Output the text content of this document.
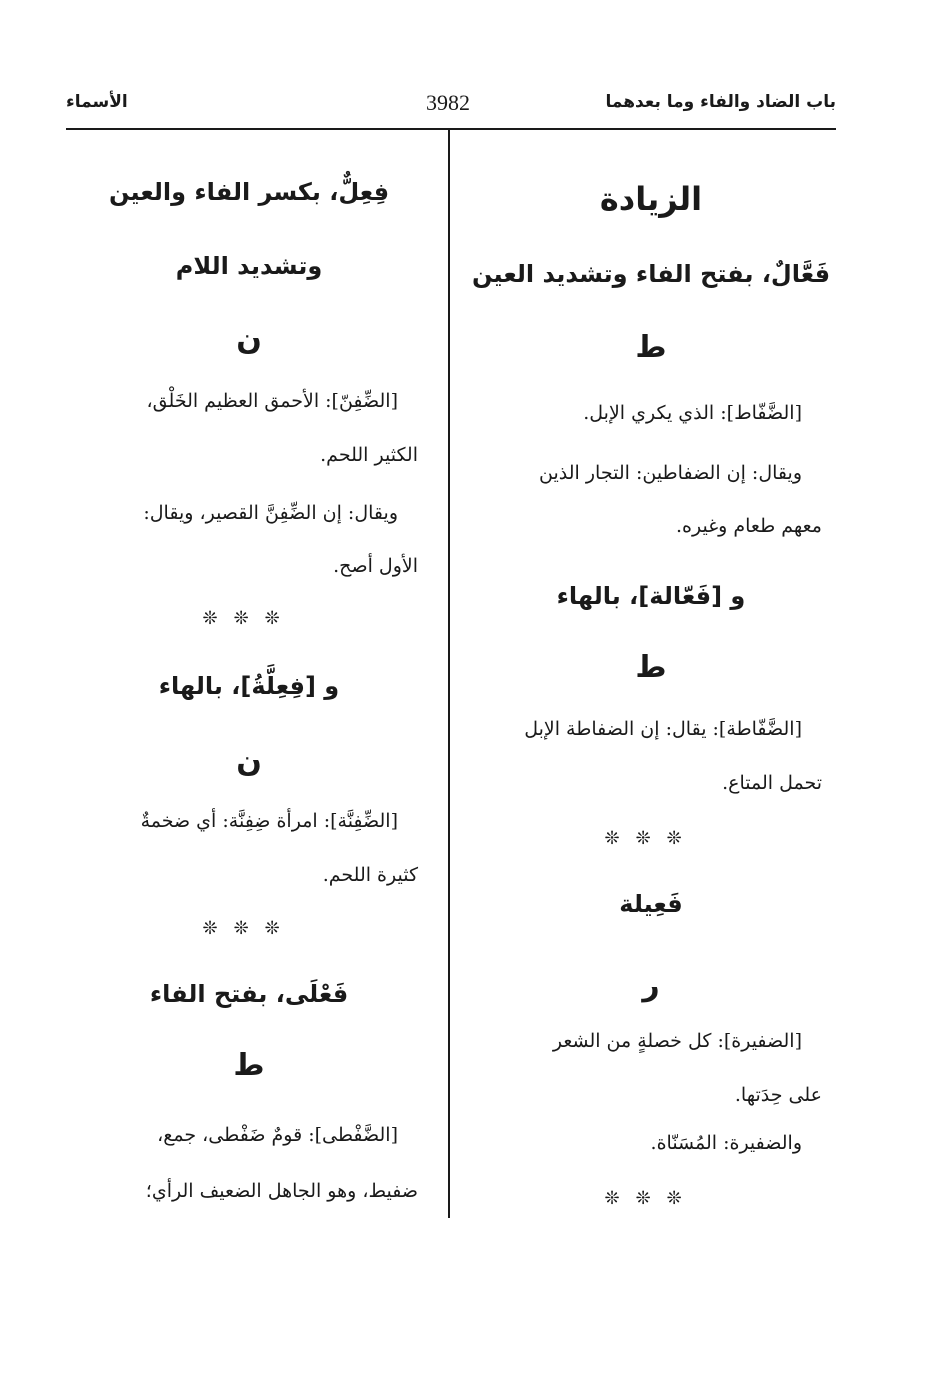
باب الضاد والفاء وما بعدهما
3982
الأسماء
الزيادة
فَعَّالٌ، بفتح الفاء وتشديد العين
ط
[الضَّفّاط]: الذي يكري الإبل.
ويقال: إن الضفاطين: التجار الذين
معهم طعام وغيره.
و [فَعّالة]، بالهاء
ط
[الضَّفّاطة]: يقال: إن الضفاطة الإبل
تحمل المتاع.
❊❊❊
فَعِيلة
ر
[الضفيرة]: كل خصلةٍ من الشعر
على حِدَتها.
والضفيرة: المُسَنّاة.
❊❊❊
فِعِلٌّ، بكسر الفاء والعين
وتشديد اللام
ن
[الضِّفِنّ]: الأحمق العظيم الخَلْق،
الكثير اللحم.
ويقال: إن الضِّفِنَّ القصير، ويقال:
الأول أصح.
❊❊❊
و [فِعِلَّةُ]، بالهاء
ن
[الضِّفِنَّة]: امرأة ضِفِنَّة: أي ضخمةٌ
كثيرة اللحم.
❊❊❊
فَعْلَى، بفتح الفاء
ط
[الضَّفْطى]: قومٌ ضَفْطى، جمع،
ضفيط، وهو الجاهل الضعيف الرأي؛
